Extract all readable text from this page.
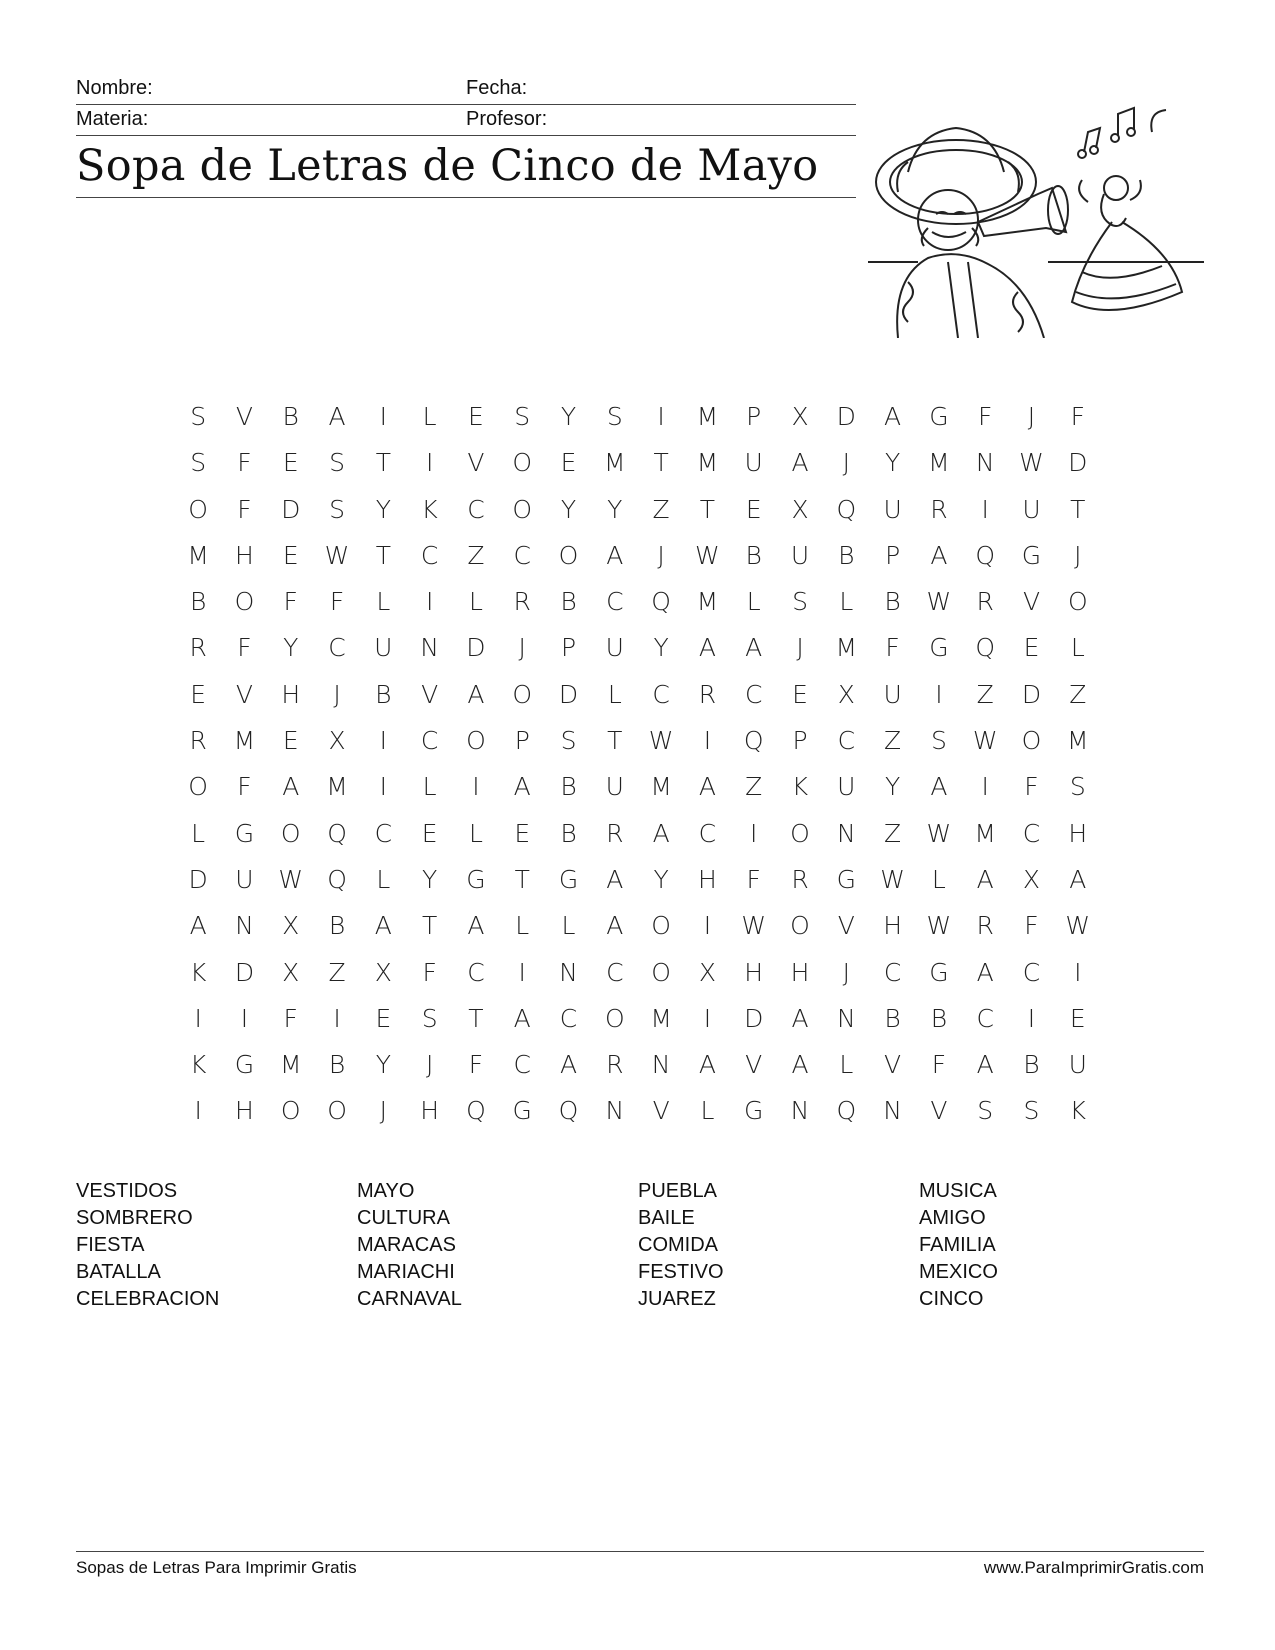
Nombre:	Fecha:
Materia:	Profesor:
Sopa de Letras de Cinco de Mayo
S	V	B	A	I	L	E	S	Y	S	I	M	P	X	D	A	G	F	J	F
S	F	E	S	T	I	V	O	E	M	T	M	U	A	J	Y	M	N W D
O	F	D	S	Y	K	C	O	Y	Y	Z	T	E	X	Q	U	R	I	U	T
M	H	E	W	T	C	Z	C	O	A	J	W	B	U	B	P	A	Q	G	J
B	O	F	F	L	I	L	R	B	C	Q	M	L	S	L	B	W	R	V	O
R	F	Y	C	U	N	D	J	P	U	Y	A	A	J	M	F	G	Q	E	L
E	V	H	J	B	V	A	O	D	L	C	R	C	E	X	U	I	Z	D	Z
R	M	E	X	I	C	O	P	S	T	W	I	Q	P	C	Z	S	W O	M
O	F	A	M	I	L	I	A	B	U	M	A	Z	K	U	Y	A	I	F	S
L	G	O	Q	C	E	L	E	B	R	A	C	I	O	N	Z	W M	C	H
D	U W Q	L	Y	G	T	G	A	Y	H	F	R	G W	L	A	X	A
A	N	X	B	A	T	A	L	L	A	O	I	W O	V	H W	R	F	W
K	D	X	Z	X	F	C	I	N	C	O	X	H	H	J	C	G	A	C	I
I	I	F	I	E	S	T	A	C	O	M	I	D	A	N	B	B	C	I	E
K	G	M	B	Y	J	F	C	A	R	N	A	V	A	L	V	F	A	B	U
I	H	O	O	J	H	Q	G	Q	N	V	L	G	N	Q	N	V	S	S	K
VESTIDOS
SOMBRERO
FIESTA
BATALLA
CELEBRACION
MAYO
CULTURA
MARACAS
MARIACHI
CARNAVAL
PUEBLA
BAILE
COMIDA
FESTIVO
JUAREZ
MUSICA
AMIGO
FAMILIA
MEXICO
CINCO
Sopas de Letras Para Imprimir Gratis	www.ParaImprimirGratis.com
